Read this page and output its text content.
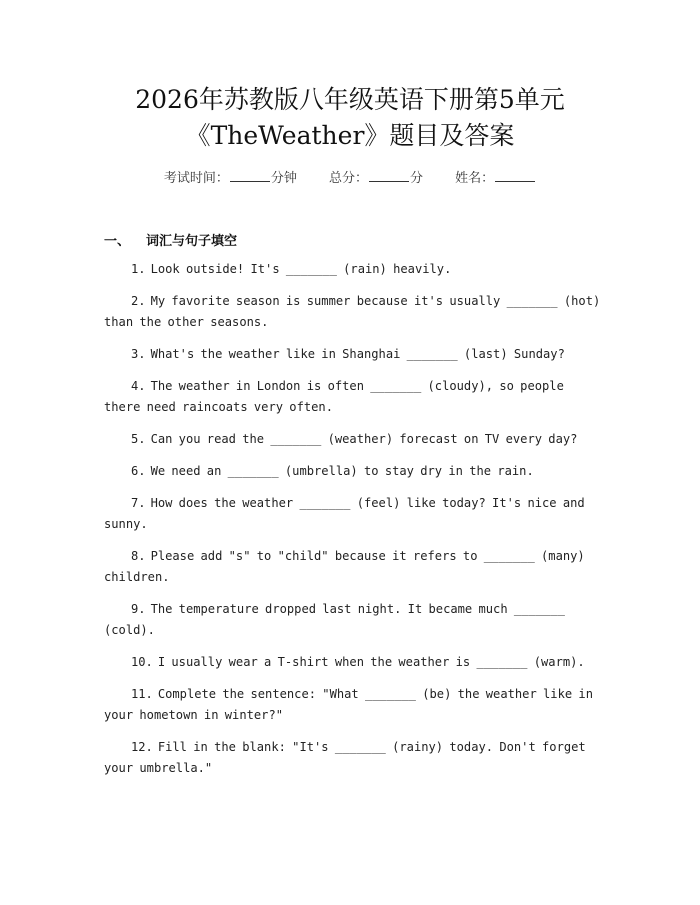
2026年苏教版八年级英语下册第5单元
《TheWeather》题目及答案
考试时间：	分钟 总分：	分 姓名：
一、 词汇与句子填空

1. Look outside! It's _______ (rain) heavily.

2. My favorite season is summer because it's usually _______ (hot) than the other seasons.

3. What's the weather like in Shanghai _______ (last) Sunday?

4. The weather in London is often _______ (cloudy), so people there need raincoats very often.

5. Can you read the _______ (weather) forecast on TV every day?

6. We need an _______ (umbrella) to stay dry in the rain.

7. How does the weather _______ (feel) like today? It's nice and sunny.

8. Please add "s" to "child" because it refers to _______ (many) children.

9. The temperature dropped last night. It became much _______ (cold).

10. I usually wear a T-shirt when the weather is _______ (warm).

11. Complete the sentence: "What _______ (be) the weather like in your hometown in winter?"

12. Fill in the blank: "It's _______ (rainy) today. Don't forget your umbrella."
